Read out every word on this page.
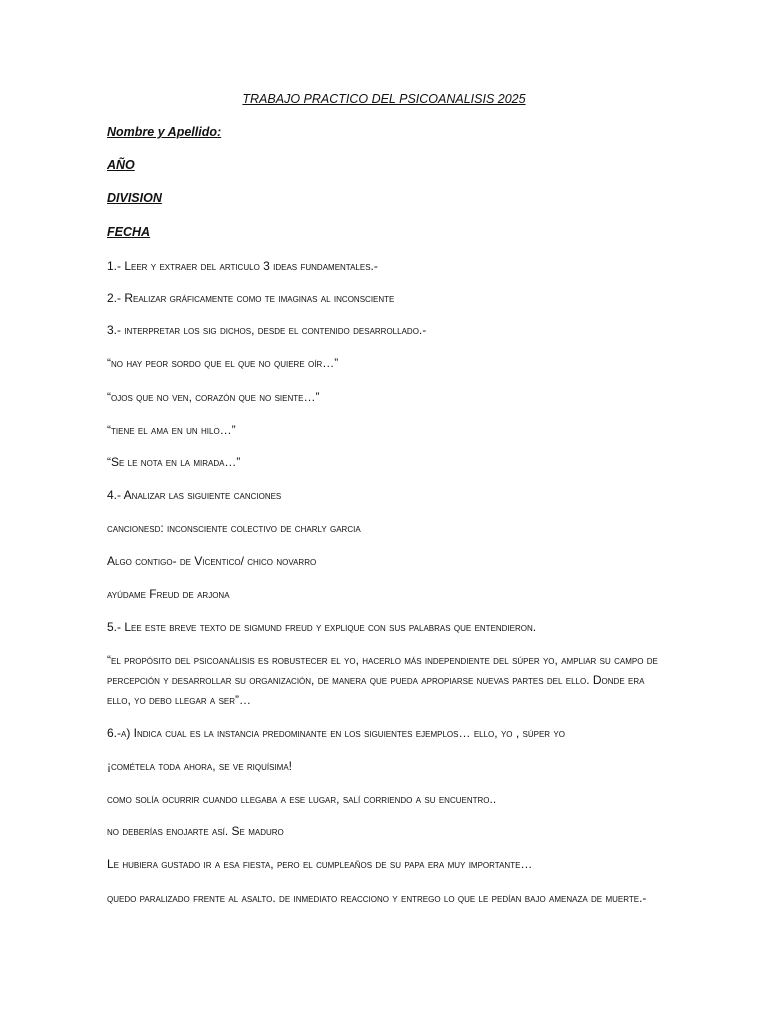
TRABAJO PRACTICO DEL PSICOANALISIS 2025
Nombre y Apellido:
AÑO
DIVISION
FECHA
1.- Leer y extraer del articulo 3 ideas fundamentales.-
2.- Realizar gráficamente como te imaginas al inconsciente
3.- interpretar los sig dichos, desde el contenido desarrollado.-
“no hay peor sordo que el que no quiere oír…”
“ojos que no ven, corazón que no siente…”
“tiene el ama en un hilo…”
“Se le nota en la mirada…”
4.- Analizar las siguiente canciones
cancionesd: inconsciente colectivo de charly garcia
Algo contigo- de Vicentico/ chico novarro
ayúdame Freud de arjona
5.- Lee este breve texto de sigmund freud y explique con sus palabras que entendieron.
“el propósito del psicoanálisis es robustecer el yo, hacerlo más independiente del súper yo, ampliar su campo de percepción y desarrollar su organización, de manera que pueda apropiarse nuevas partes del ello. Donde era ello, yo debo llegar a ser”…
6.-a) Indica cual es la instancia predominante en los siguientes ejemplos… ello, yo , súper yo
¡cométela toda ahora, se ve riquísima!
como solía ocurrir cuando llegaba a ese lugar, salí corriendo a su encuentro..
no deberías enojarte así. Se maduro
Le hubiera gustado ir a esa fiesta, pero el cumpleaños de su papa era muy importante…
quedo paralizado frente al asalto. de inmediato reacciono y entrego lo que le pedían bajo amenaza de muerte.-
